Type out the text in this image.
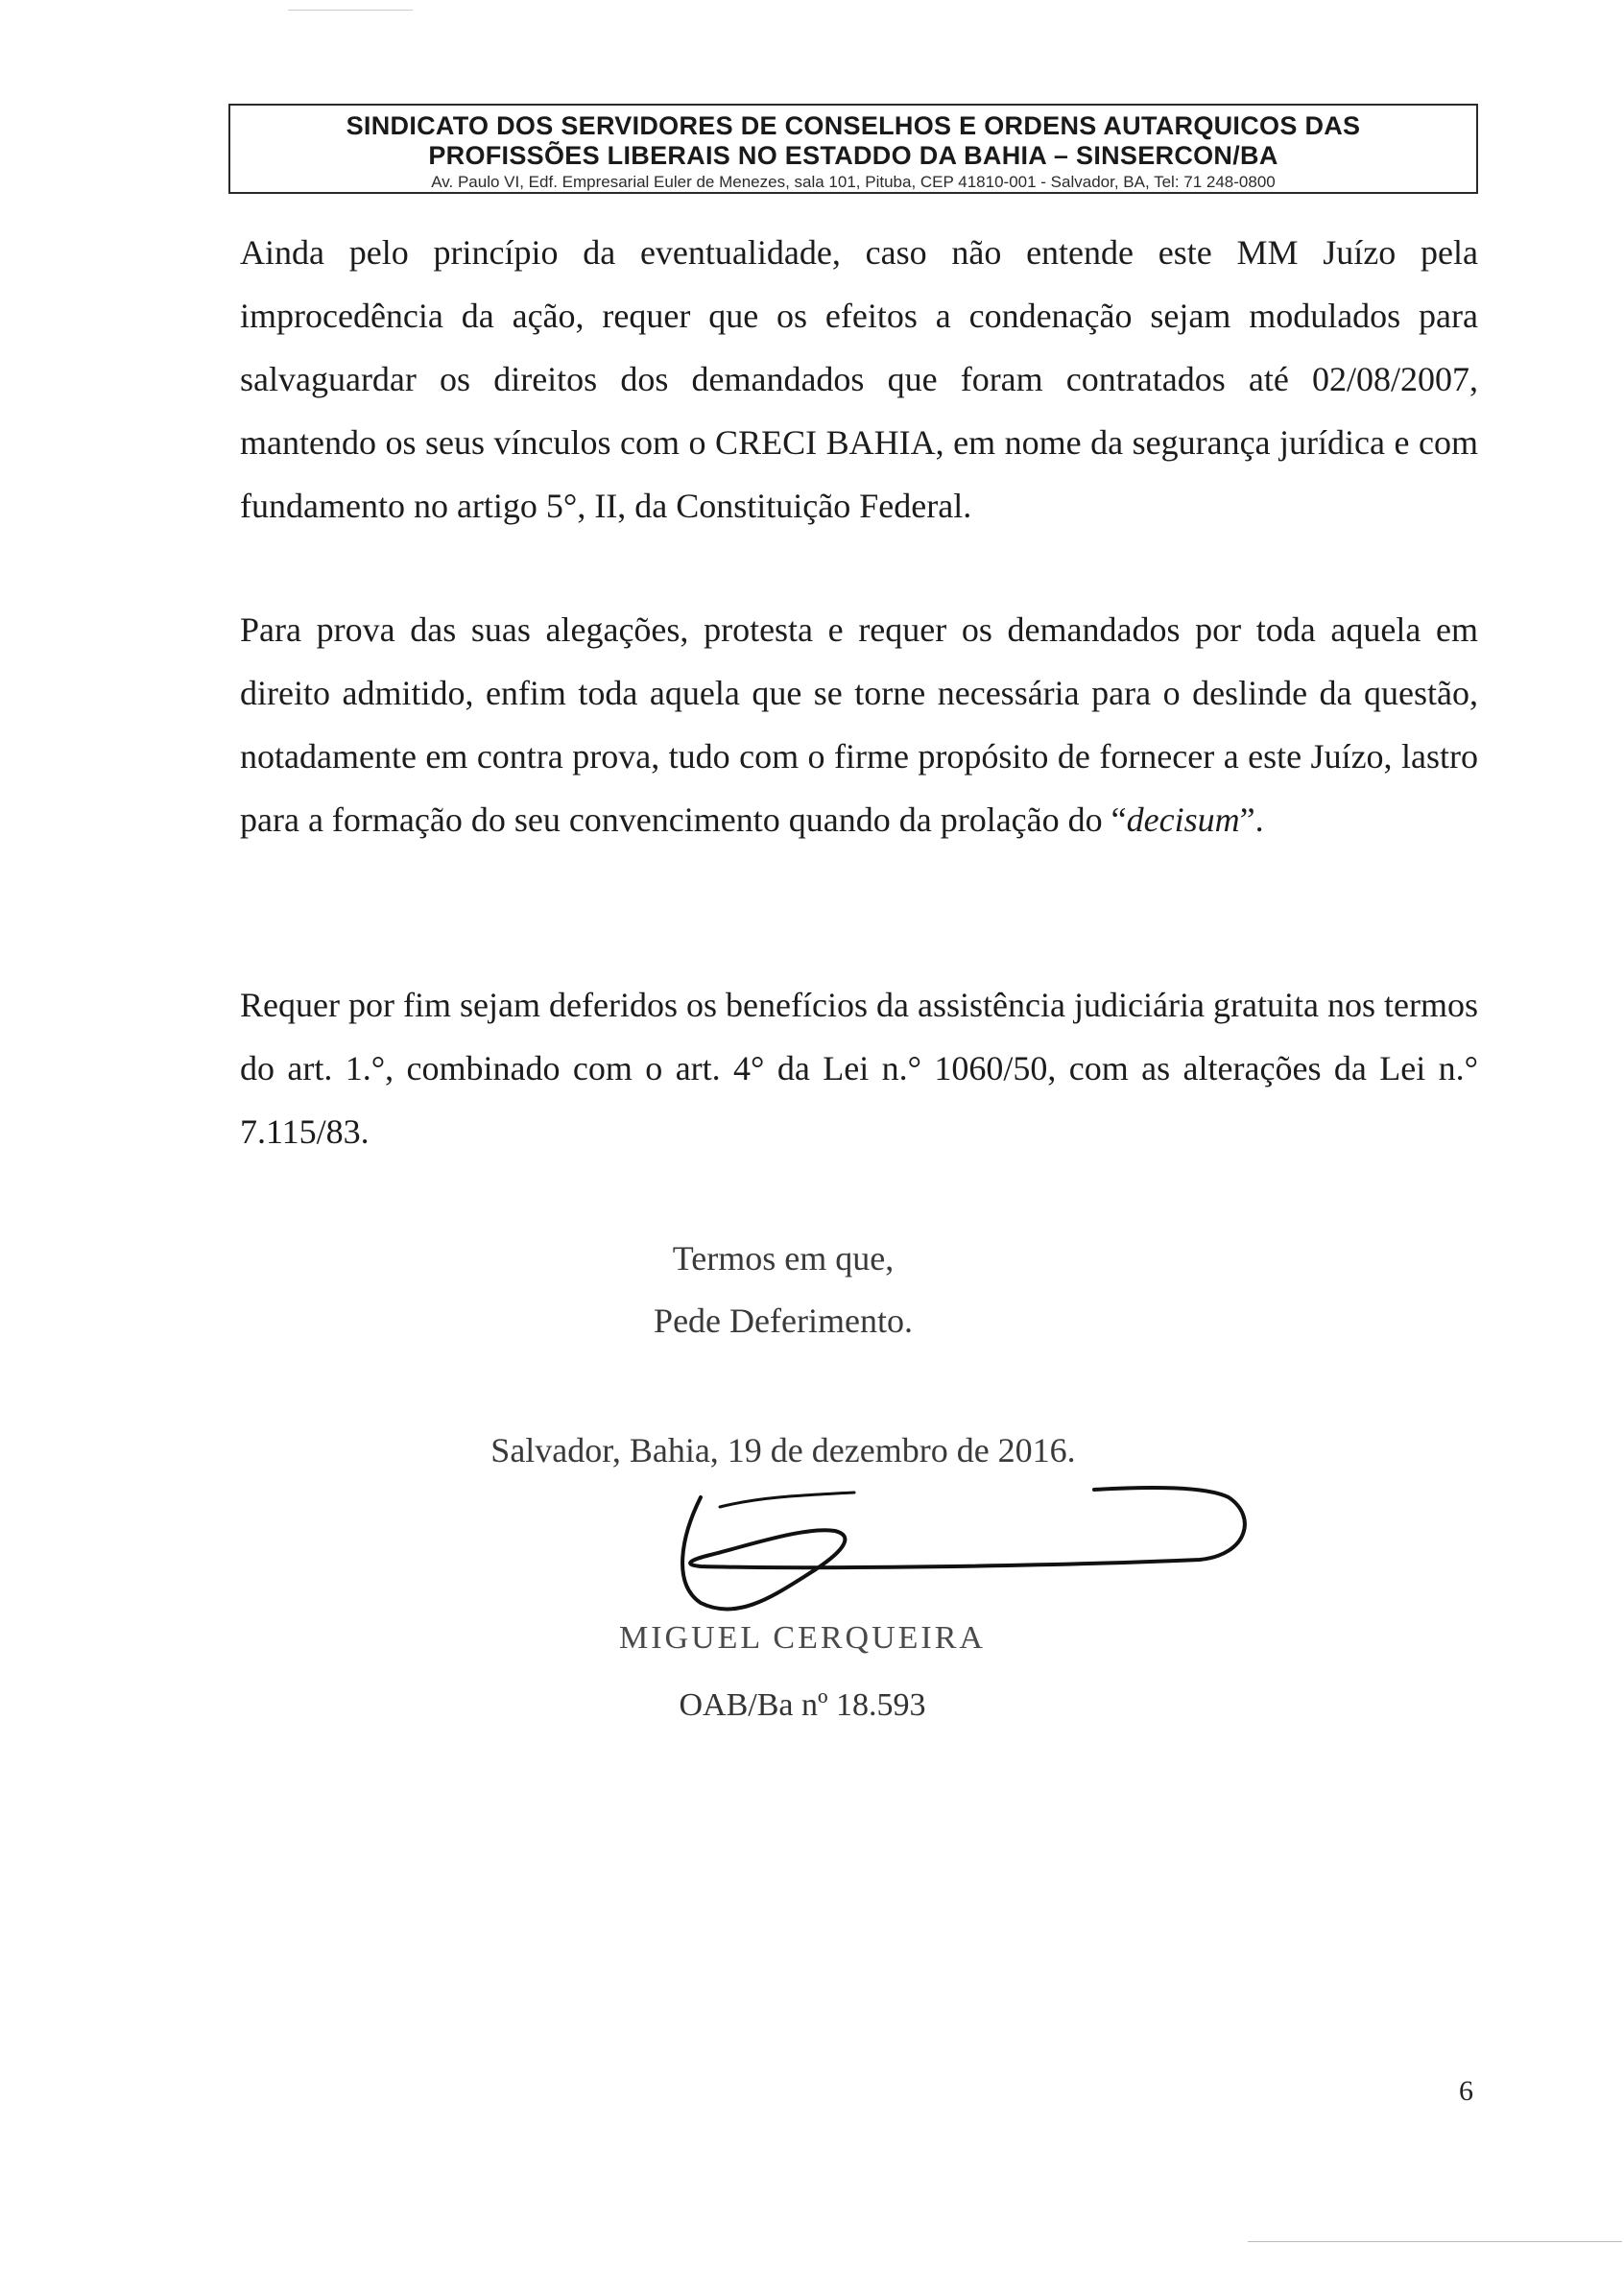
SINDICATO DOS SERVIDORES DE CONSELHOS E ORDENS AUTARQUICOS DAS
PROFISSÕES LIBERAIS NO ESTADDO DA BAHIA – SINSERCON/BA
Av. Paulo VI, Edf. Empresarial Euler de Menezes, sala 101, Pituba, CEP 41810-001 - Salvador, BA, Tel: 71 248-0800
Ainda pelo princípio da eventualidade, caso não entende este MM Juízo pela improcedência da ação, requer que os efeitos a condenação sejam modulados para salvaguardar os direitos dos demandados que foram contratados até 02/08/2007, mantendo os seus vínculos com o CRECI BAHIA, em nome da segurança jurídica e com fundamento no artigo 5°, II, da Constituição Federal.
Para prova das suas alegações, protesta e requer os demandados por toda aquela em direito admitido, enfim toda aquela que se torne necessária para o deslinde da questão, notadamente em contra prova, tudo com o firme propósito de fornecer a este Juízo, lastro para a formação do seu convencimento quando da prolação do “decisum”.
Requer por fim sejam deferidos os benefícios da assistência judiciária gratuita nos termos do art. 1.°, combinado com o art. 4° da Lei n.° 1060/50, com as alterações da Lei n.° 7.115/83.
Termos em que,
Pede Deferimento.
Salvador, Bahia, 19 de dezembro de 2016.
MIGUEL CERQUEIRA
OAB/Ba nº 18.593
6
